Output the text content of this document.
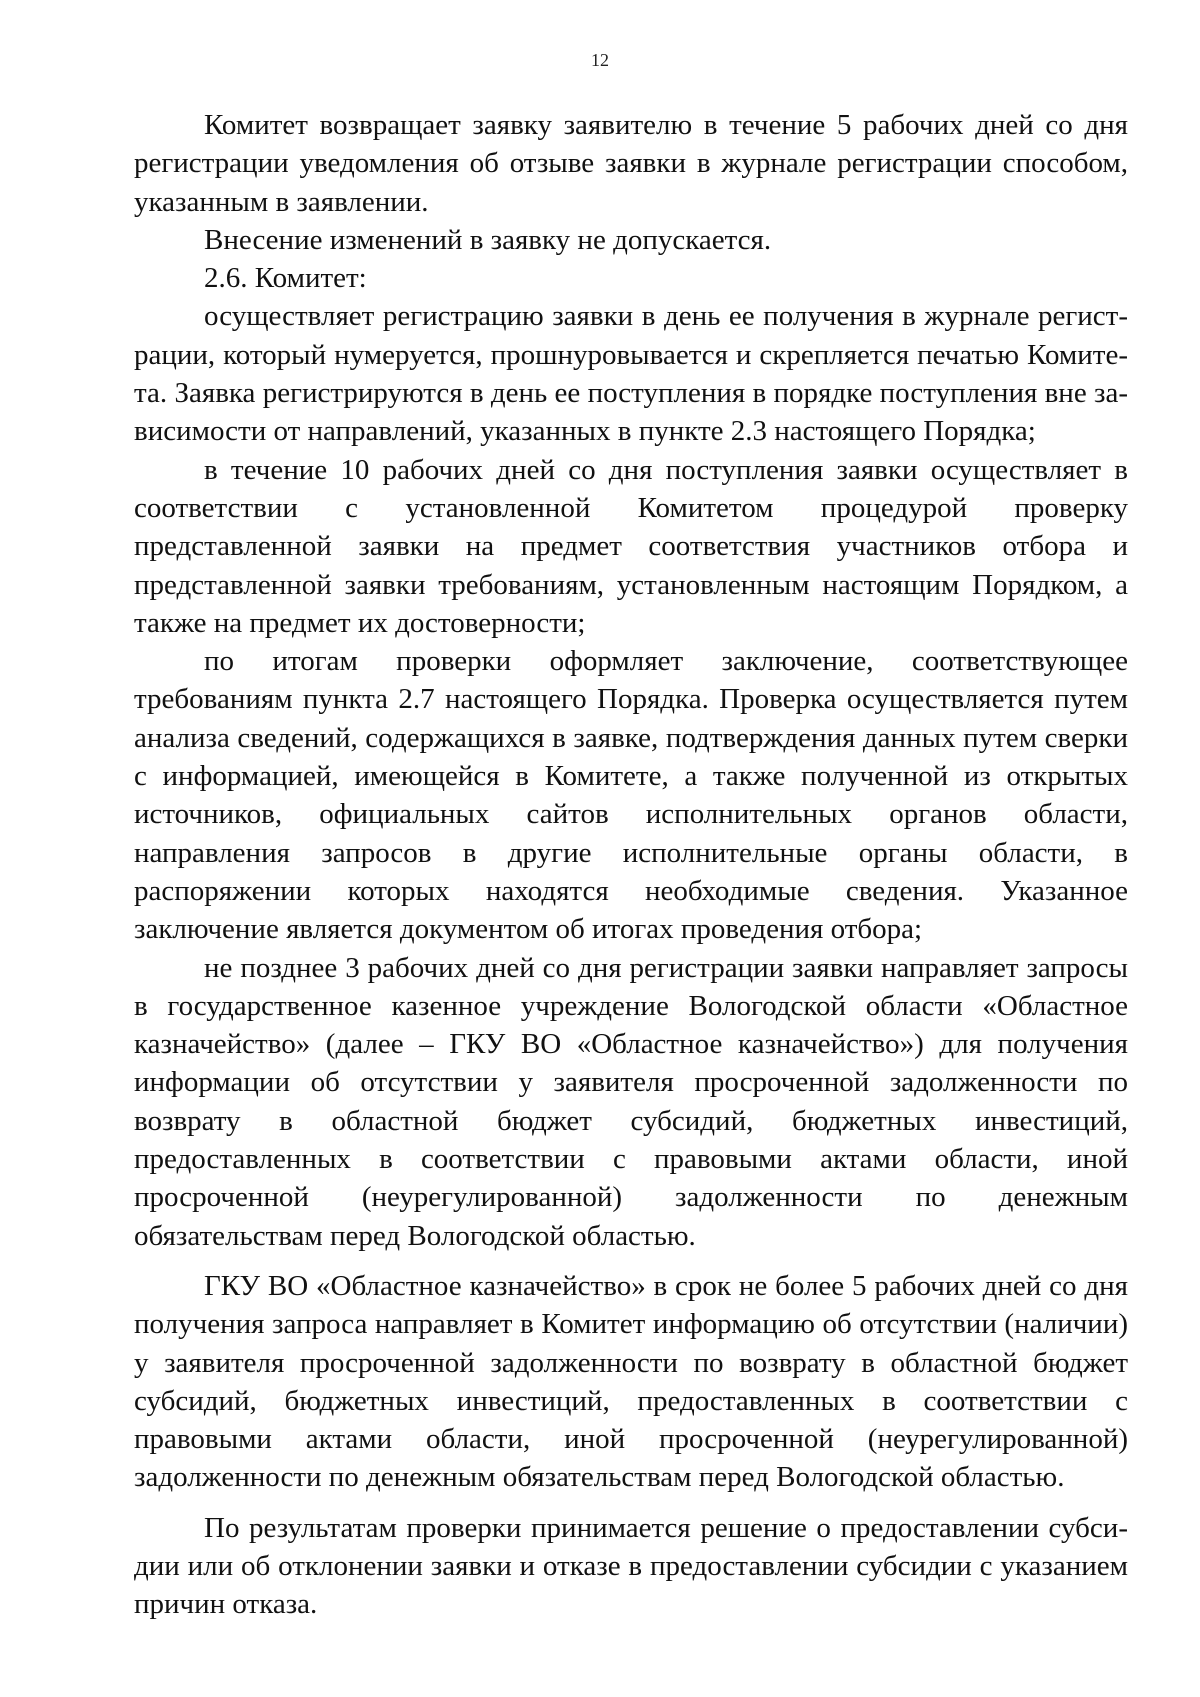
12

Комитет возвращает заявку заявителю в течение 5 рабочих дней со дня регистрации уведомления об отзыве заявки в журнале регистрации способом, указанным в заявлении.

Внесение изменений в заявку не допускается.

2.6. Комитет:

осуществляет регистрацию заявки в день ее получения в журнале регистрации, который нумеруется, прошнуровывается и скрепляется печатью Комитета. Заявка регистрируются в день ее поступления в порядке поступления вне зависимости от направлений, указанных в пункте 2.3 настоящего Порядка;

в течение 10 рабочих дней со дня поступления заявки осуществляет в соответствии с установленной Комитетом процедурой проверку представленной заявки на предмет соответствия участников отбора и представленной заявки требованиям, установленным настоящим Порядком, а также на предмет их достоверности;

по итогам проверки оформляет заключение, соответствующее требованиям пункта 2.7 настоящего Порядка. Проверка осуществляется путем анализа сведений, содержащихся в заявке, подтверждения данных путем сверки с информацией, имеющейся в Комитете, а также полученной из открытых источников, официальных сайтов исполнительных органов области, направления запросов в другие исполнительные органы области, в распоряжении которых находятся необходимые сведения. Указанное заключение является документом об итогах проведения отбора;

не позднее 3 рабочих дней со дня регистрации заявки направляет запросы в государственное казенное учреждение Вологодской области «Областное казначейство» (далее – ГКУ ВО «Областное казначейство») для получения информации об отсутствии у заявителя просроченной задолженности по возврату в областной бюджет субсидий, бюджетных инвестиций, предоставленных в соответствии с правовыми актами области, иной просроченной (неурегулированной) задолженности по денежным обязательствам перед Вологодской областью.

ГКУ ВО «Областное казначейство» в срок не более 5 рабочих дней со дня получения запроса направляет в Комитет информацию об отсутствии (наличии) у заявителя просроченной задолженности по возврату в областной бюджет субсидий, бюджетных инвестиций, предоставленных в соответствии с правовыми актами области, иной просроченной (неурегулированной) задолженности по денежным обязательствам перед Вологодской областью.

По результатам проверки принимается решение о предоставлении субсидии или об отклонении заявки и отказе в предоставлении субсидии с указанием причин отказа.
